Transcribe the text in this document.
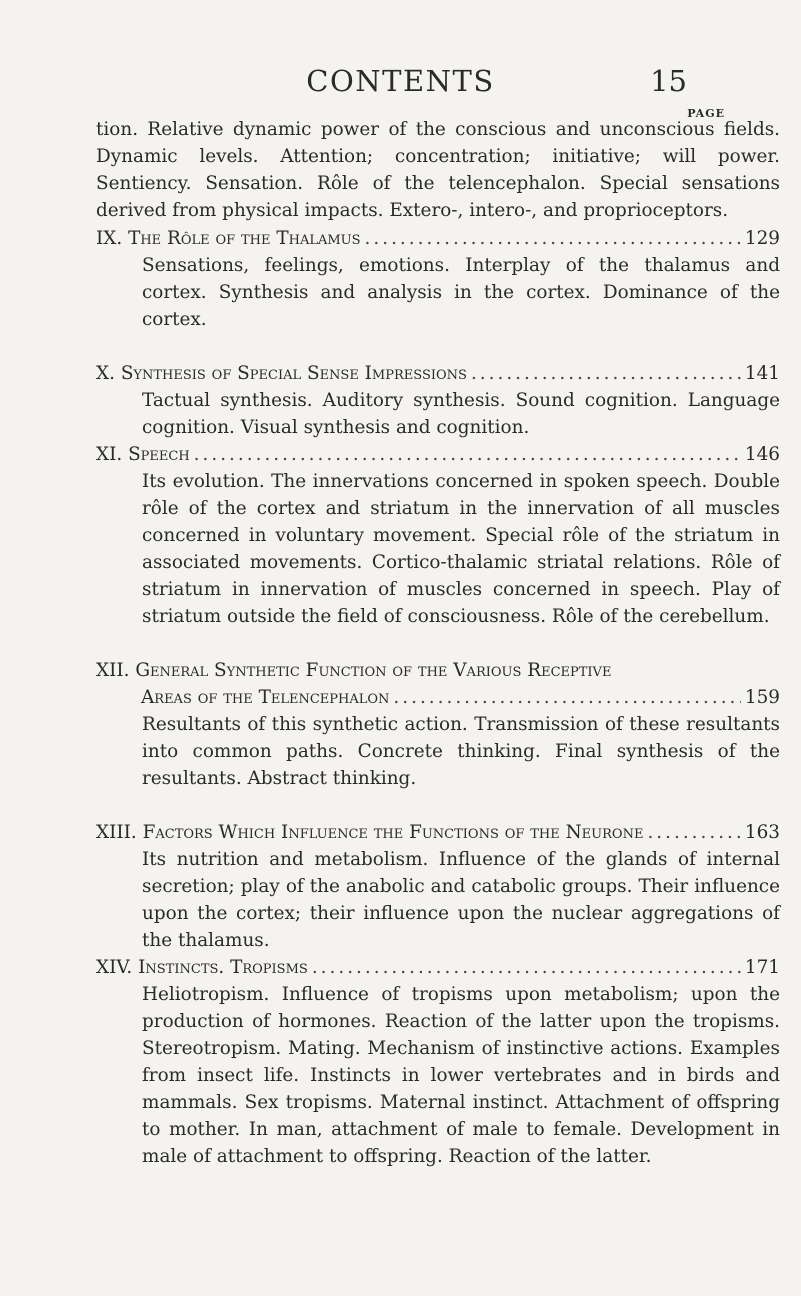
CONTENTS	15
PAGE

tion. Relative dynamic power of the conscious and unconscious fields. Dynamic levels. Attention; concentration; initiative; will power. Sentiency. Sensation. Rôle of the telencephalon. Special sensations derived from physical impacts. Extero-, intero-, and proprioceptors.

IX. The Rôle of the Thalamus .....	129
Sensations, feelings, emotions. Interplay of the thalamus and cortex. Synthesis and analysis in the cortex. Dominance of the cortex.
X. Synthesis of Special Sense Impressions .....	141
Tactual synthesis. Auditory synthesis. Sound cognition. Language cognition. Visual synthesis and cognition.
XI. Speech .....	146
Its evolution. The innervations concerned in spoken speech. Double rôle of the cortex and striatum in the innervation of all muscles concerned in voluntary movement. Special rôle of the striatum in associated movements. Cortico-thalamic striatal relations. Rôle of striatum in innervation of muscles concerned in speech. Play of striatum outside the field of consciousness. Rôle of the cerebellum.
XII. General Synthetic Function of the Various Receptive
Areas of the Telencephalon .....	159
Resultants of this synthetic action. Transmission of these resultants into common paths. Concrete thinking. Final synthesis of the resultants. Abstract thinking.
XIII. Factors Which Influence the Functions of the Neurone .....	163
Its nutrition and metabolism. Influence of the glands of internal secretion; play of the anabolic and catabolic groups. Their influence upon the cortex; their influence upon the nuclear aggregations of the thalamus.
XIV. Instincts. Tropisms .....	171
Heliotropism. Influence of tropisms upon metabolism; upon the production of hormones. Reaction of the latter upon the tropisms. Stereotropism. Mating. Mechanism of instinctive actions. Examples from insect life. Instincts in lower vertebrates and in birds and mammals. Sex tropisms. Maternal instinct. Attachment of offspring to mother. In man, attachment of male to female. Development in male of attachment to offspring. Reaction of the latter.
